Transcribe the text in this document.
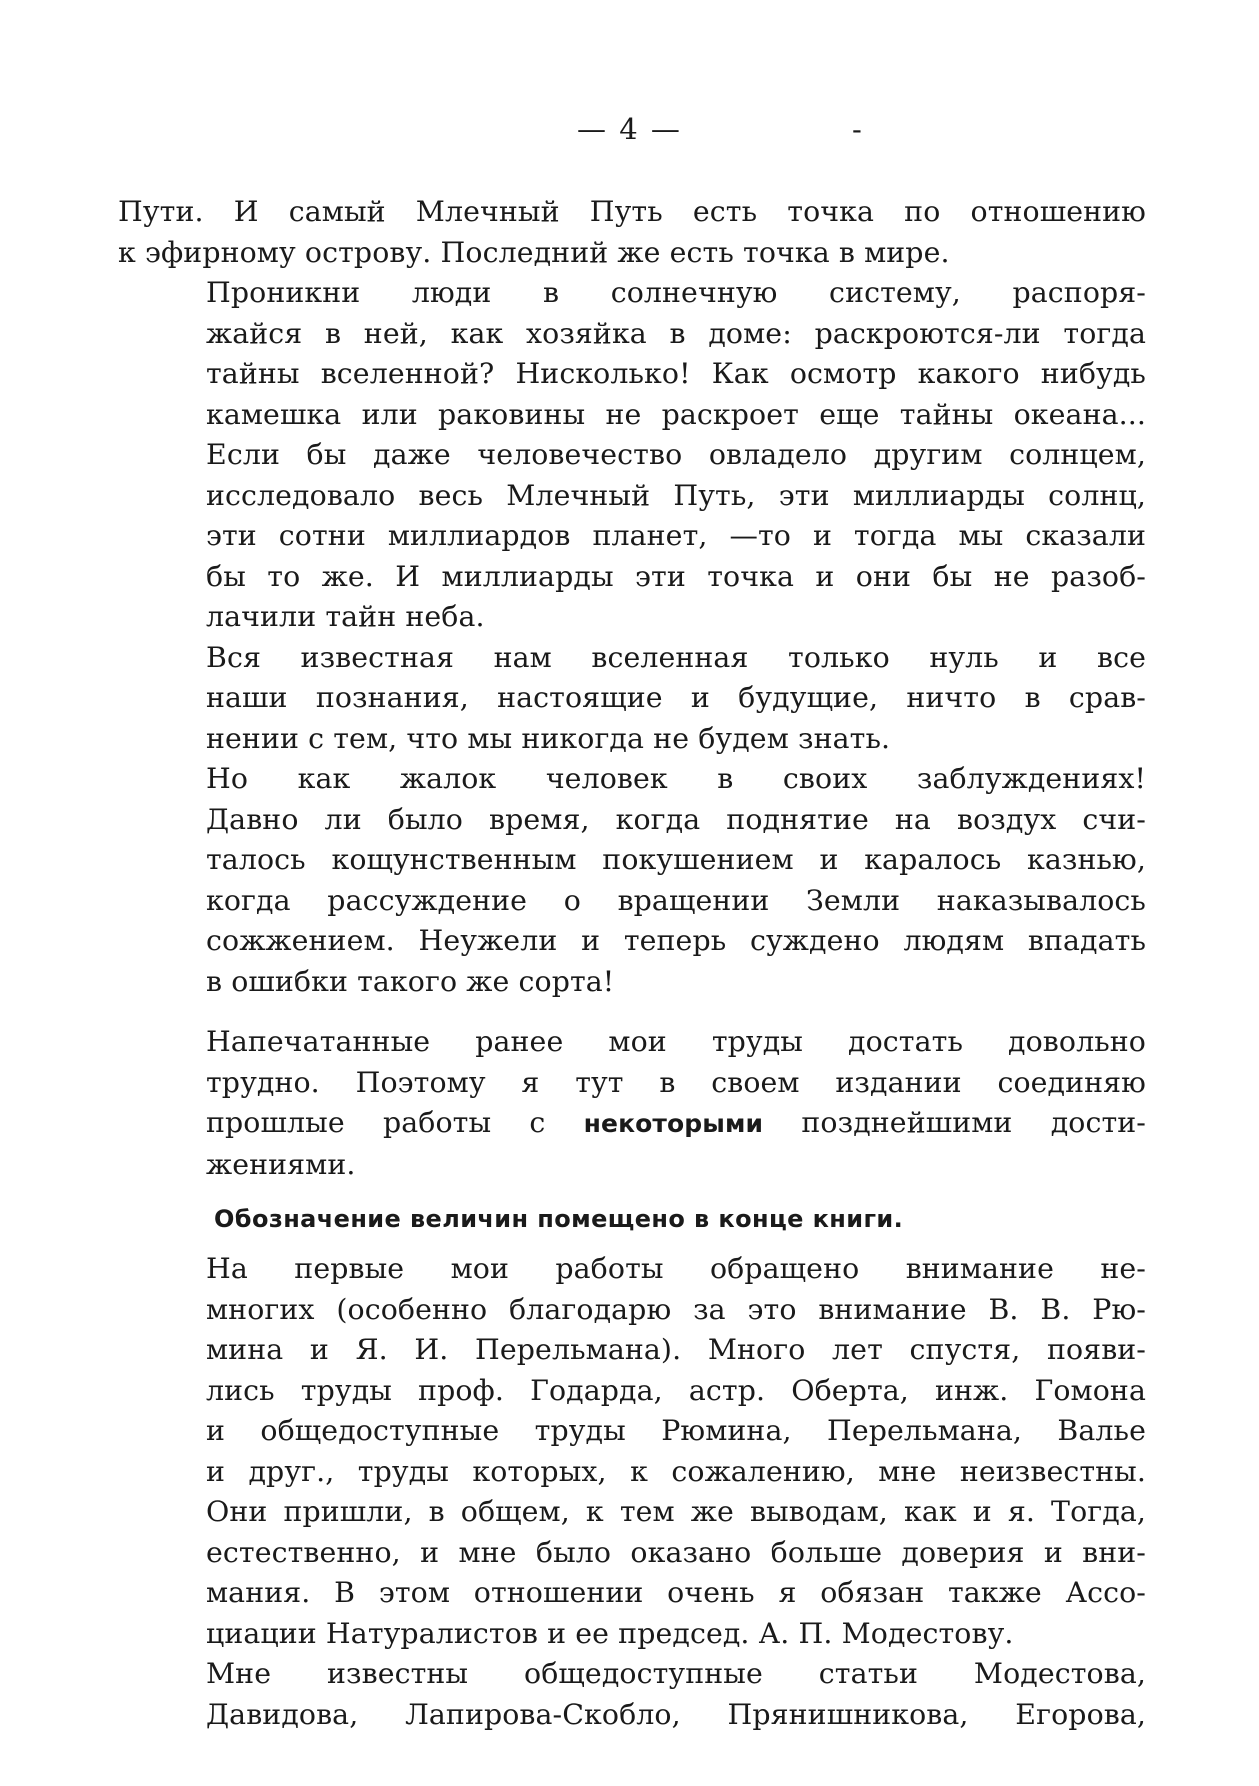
— 4 —	-
Пути. И самый Млечный Путь есть точка по отношению
к эфирному острову. Последний же есть точка в мире.
Проникни люди в солнечную систему, распоря-
жайся в ней, как хозяйка в доме: раскроются-ли тогда
тайны вселенной? Нисколько! Как осмотр какого нибудь
камешка или раковины не раскроет еще тайны океана...
Если бы даже человечество овладело другим солнцем,
исследовало весь Млечный Путь, эти миллиарды солнц,
эти сотни миллиардов планет, —то и тогда мы сказали
бы то же. И миллиарды эти точка и они бы не разоб-
лачили тайн неба.
Вся известная нам вселенная только нуль и все
наши познания, настоящие и будущие, ничто в срав-
нении с тем, что мы никогда не будем знать.
Но как жалок человек в своих заблуждениях!
Давно ли было время, когда поднятие на воздух счи-
талось кощунственным покушением и каралось казнью,
когда рассуждение о вращении Земли наказывалось
сожжением. Неужели и теперь суждено людям впадать
в ошибки такого же сорта!
Напечатанные ранее мои труды достать довольно
трудно. Поэтому я тут в своем издании соединяю
прошлые работы с некоторыми позднейшими дости-
жениями.
Обозначение величин помещено в конце книги.
На первые мои работы обращено внимание не-
многих (особенно благодарю за это внимание В. В. Рю-
мина и Я. И. Перельмана). Много лет спустя, появи-
лись труды проф. Годарда, астр. Оберта, инж. Гомона
и общедоступные труды Рюмина, Перельмана, Валье
и друг., труды которых, к сожалению, мне неизвестны.
Они пришли, в общем, к тем же выводам, как и я. Тогда,
естественно, и мне было оказано больше доверия и вни-
мания. В этом отношении очень я обязан также Ассо-
циации Натуралистов и ее председ. А. П. Модестову.
Мне известны общедоступные статьи Модестова,
Давидова, Лапирова-Скобло, Прянишникова, Егорова,
